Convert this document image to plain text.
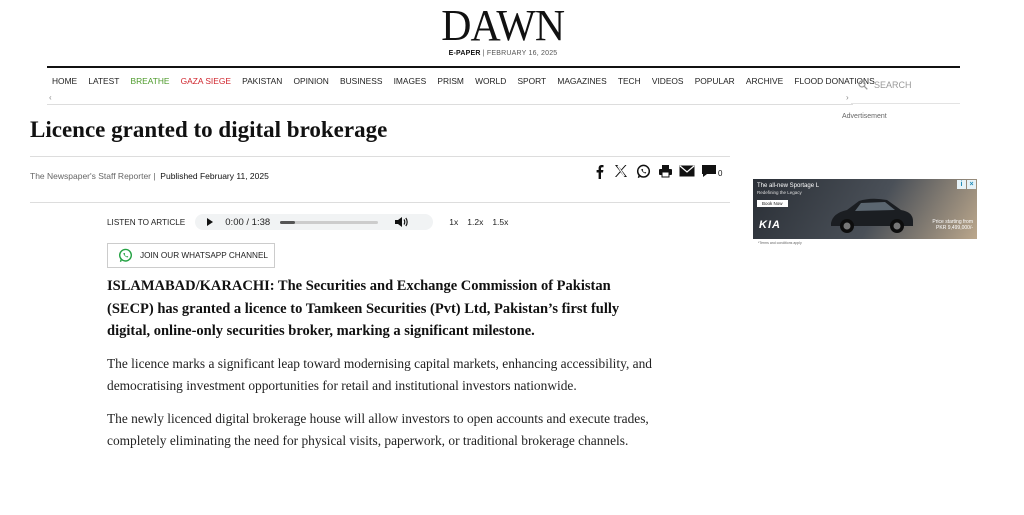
DAWN
E-PAPER | FEBRUARY 16, 2025
HOME LATEST BREATHE GAZA SIEGE PAKISTAN OPINION BUSINESS IMAGES PRISM WORLD SPORT MAGAZINES TECH VIDEOS POPULAR ARCHIVE FLOOD DONATIONS
‹	›
SEARCH
Licence granted to digital brokerage
The Newspaper's Staff Reporter |  Published February 11, 2025	0
LISTEN TO ARTICLE	0:00 / 1:38	1x 1.2x 1.5x
JOIN OUR WHATSAPP CHANNEL

ISLAMABAD/KARACHI: The Securities and Exchange Commission of Pakistan (SECP) has granted a licence to Tamkeen Securities (Pvt) Ltd, Pakistan’s first fully digital, online-only securities broker, marking a significant milestone.

The licence marks a significant leap toward modernising capital markets, enhancing accessibility, and democratising investment opportunities for retail and institutional investors nationwide.

The newly licenced digital brokerage house will allow investors to open accounts and execute trades, completely eliminating the need for physical visits, paperwork, or traditional brokerage channels.

Advertisement
The all-new Sportage L
Redefining the Legacy
Book Now
KIA	Price starting from
PKR 9,499,000/-
i ×
*Terms and conditions apply
